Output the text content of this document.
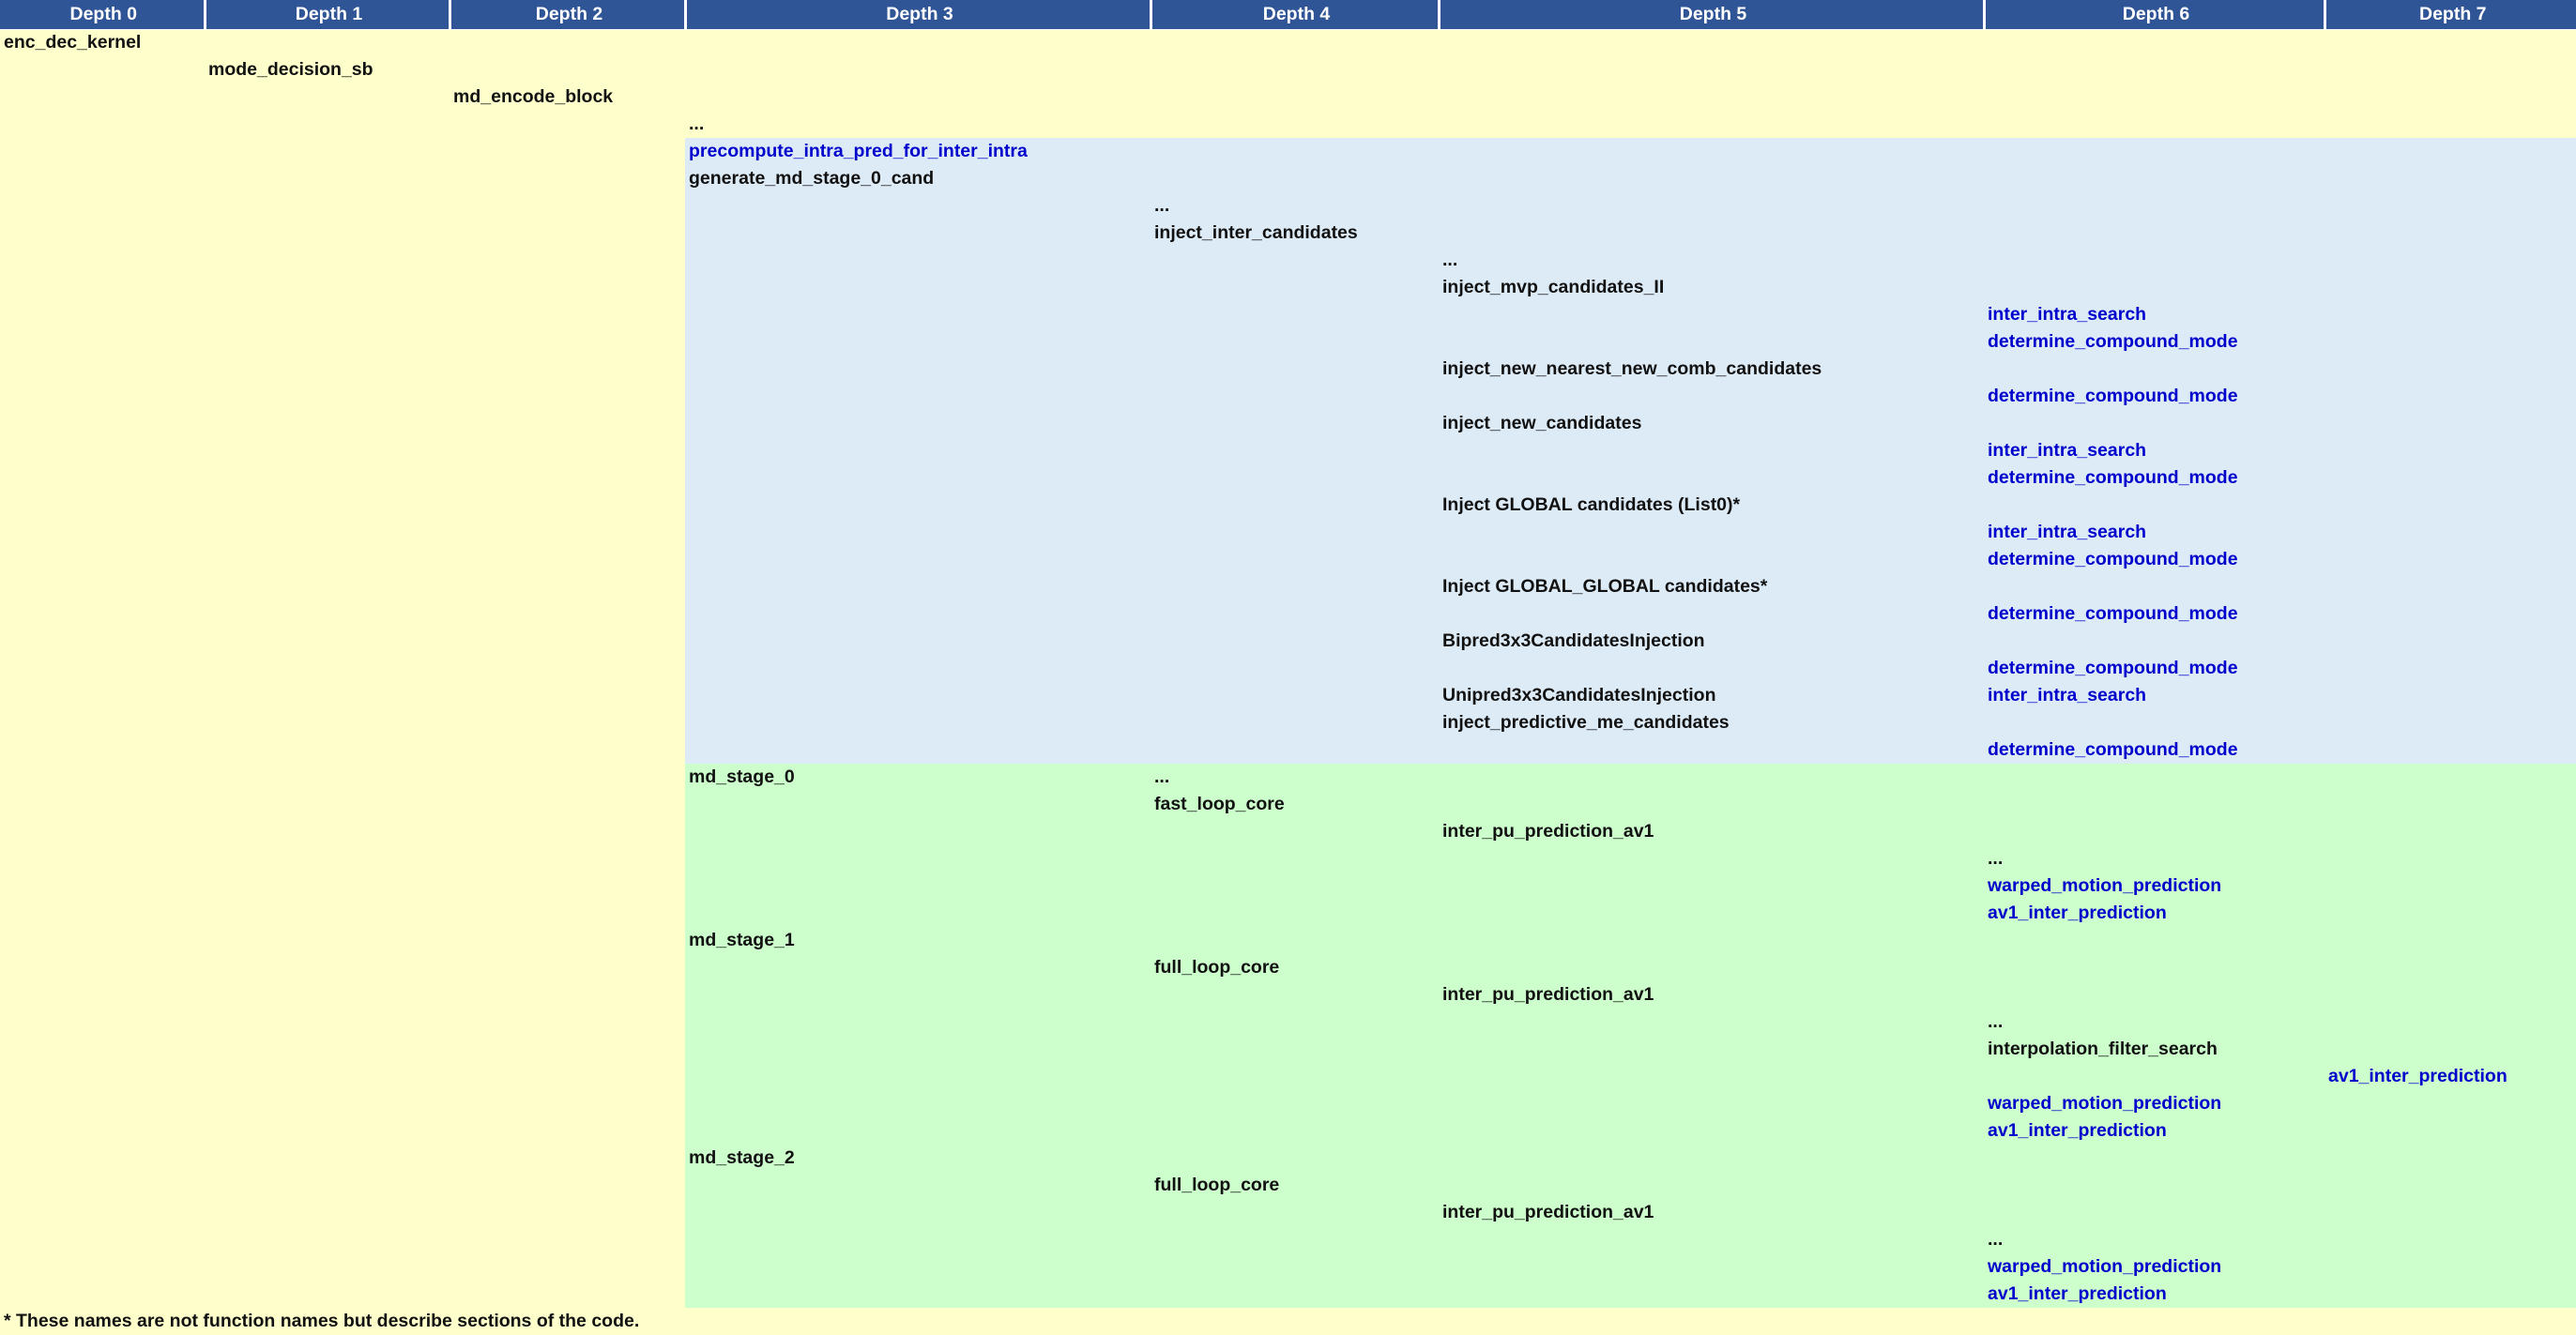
Depth 0	Depth 1	Depth 2	Depth 3	Depth 4	Depth 5	Depth 6	Depth 7
enc_dec_kernel							
	mode_decision_sb						
		md_encode_block					
			...				
			precompute_intra_pred_for_inter_intra				
			generate_md_stage_0_cand				
				...			
				inject_inter_candidates			
					...		
					inject_mvp_candidates_II		
						inter_intra_search	
						determine_compound_mode	
					inject_new_nearest_new_comb_candidates		
						determine_compound_mode	
					inject_new_candidates		
						inter_intra_search	
						determine_compound_mode	
					Inject GLOBAL candidates (List0)*		
						inter_intra_search	
						determine_compound_mode	
					Inject GLOBAL_GLOBAL candidates*		
						determine_compound_mode	
					Bipred3x3CandidatesInjection		
						determine_compound_mode	
					Unipred3x3CandidatesInjection	inter_intra_search	
					inject_predictive_me_candidates		
						determine_compound_mode	
			md_stage_0	...			
				fast_loop_core			
					inter_pu_prediction_av1		
						...	
						warped_motion_prediction	
						av1_inter_prediction	
			md_stage_1				
				full_loop_core			
					inter_pu_prediction_av1		
						...	
						interpolation_filter_search	
							av1_inter_prediction
						warped_motion_prediction	
						av1_inter_prediction	
			md_stage_2				
				full_loop_core			
					inter_pu_prediction_av1		
						...	
						warped_motion_prediction	
						av1_inter_prediction	
* These names are not function names but describe sections of the code.							
